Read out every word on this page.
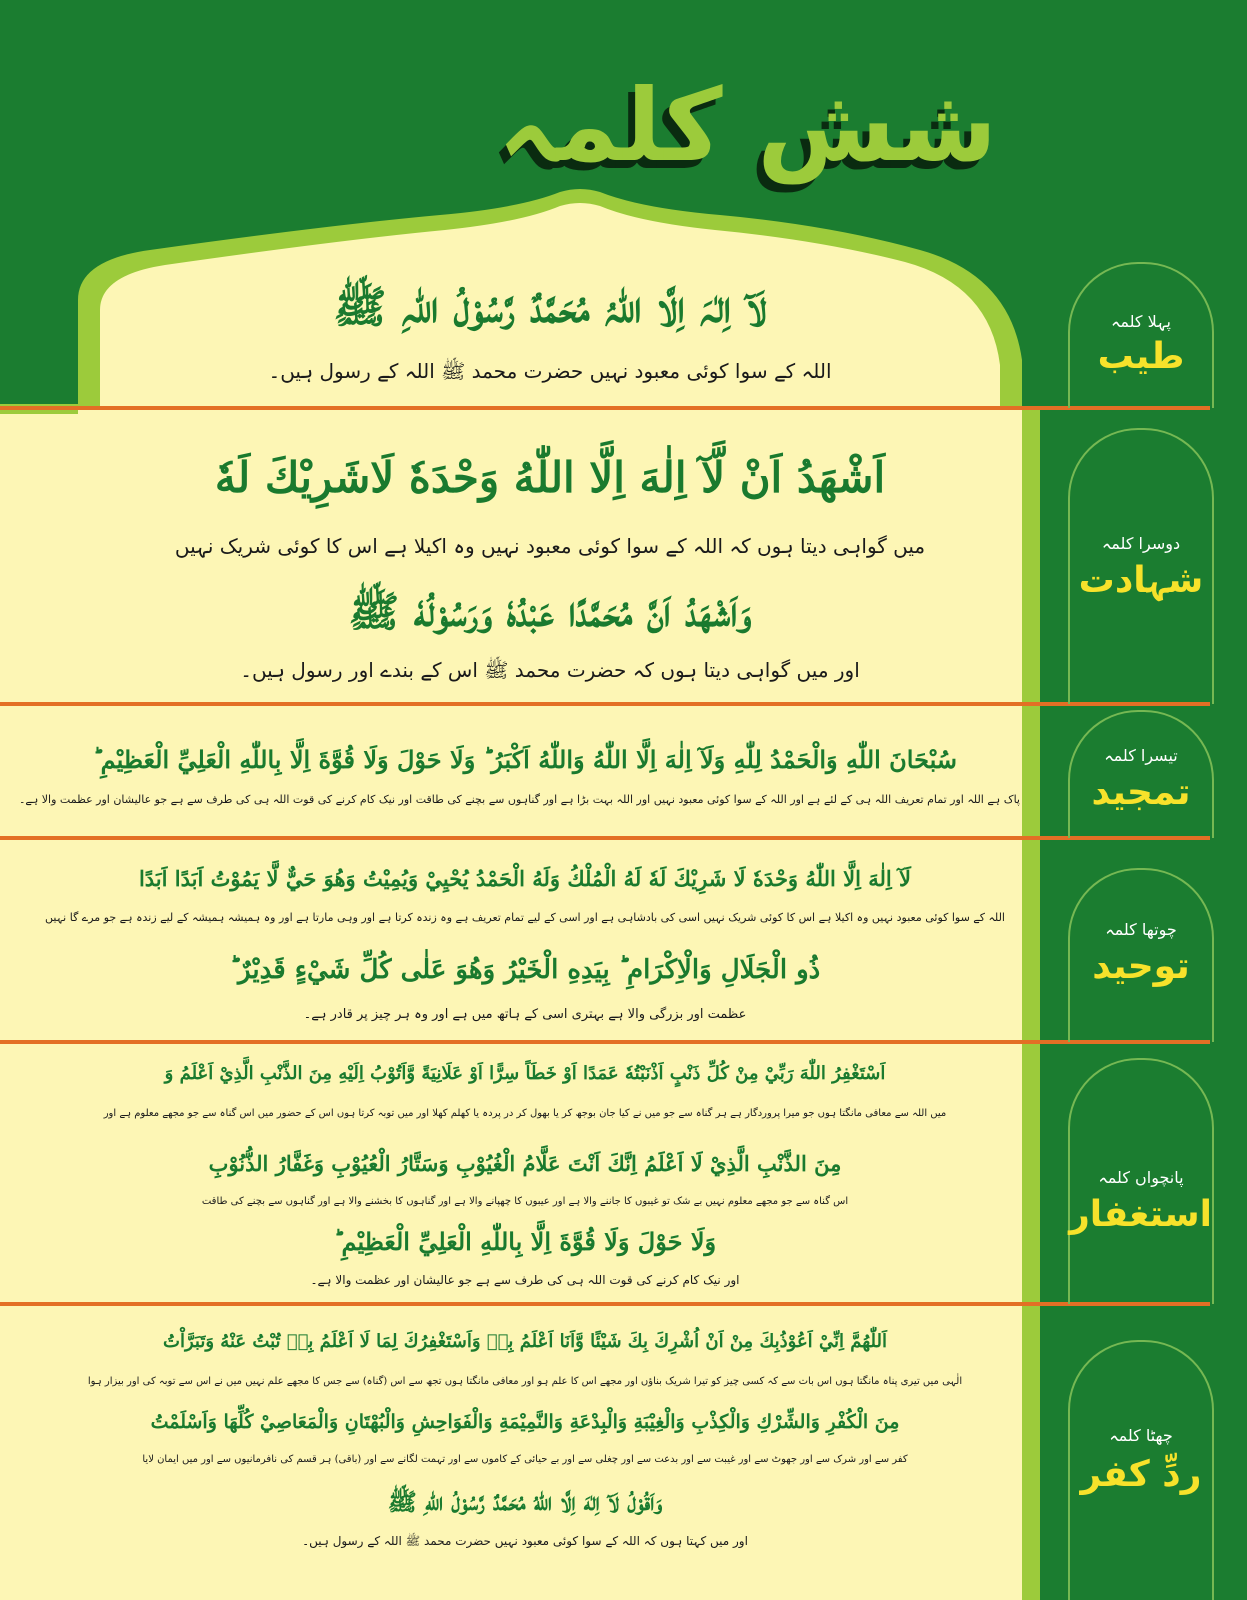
شش کلمہ
پہلا کلمہ
طیب
دوسرا کلمہ
شہادت
تیسرا کلمہ
تمجید
چوتھا کلمہ
توحید
پانچواں کلمہ
استغفار
چھٹا کلمہ
ردِّ کفر
لَآ اِلٰہَ اِلَّا اللّٰہُ مُحَمَّدٌ رَّسُوْلُ اللّٰہِ ﷺ
اللہ کے سوا کوئی معبود نہیں حضرت محمد ﷺ اللہ کے رسول ہیں۔
اَشْهَدُ اَنْ لَّآ اِلٰهَ اِلَّا اللّٰهُ وَحْدَهٗ لَاشَرِيْكَ لَهٗ
میں گواہی دیتا ہوں کہ اللہ کے سوا کوئی معبود نہیں وہ اکیلا ہے اس کا کوئی شریک نہیں
وَاَشْهَدُ اَنَّ مُحَمَّدًا عَبْدُهٗ وَرَسُوْلُهٗ ﷺ
اور میں گواہی دیتا ہوں کہ حضرت محمد ﷺ اس کے بندے اور رسول ہیں۔
سُبْحَانَ اللّٰهِ وَالْحَمْدُ لِلّٰهِ وَلَآ اِلٰهَ اِلَّا اللّٰهُ وَاللّٰهُ اَكْبَرُ ؕ وَلَا حَوْلَ وَلَا قُوَّةَ اِلَّا بِاللّٰهِ الْعَلِيِّ الْعَظِيْمِ ؕ
پاک ہے اللہ اور تمام تعریف اللہ ہی کے لئے ہے اور اللہ کے سوا کوئی معبود نہیں اور اللہ بہت بڑا ہے اور گناہوں سے بچنے کی طاقت اور نیک کام کرنے کی قوت اللہ ہی کی طرف سے ہے جو عالیشان اور عظمت والا ہے۔
لَآ اِلٰهَ اِلَّا اللّٰهُ وَحْدَهٗ لَا شَرِيْكَ لَهٗ لَهُ الْمُلْكُ وَلَهُ الْحَمْدُ يُحْيِيْ وَيُمِيْتُ وَهُوَ حَيٌّ لَّا يَمُوْتُ اَبَدًا اَبَدًا
اللہ کے سوا کوئی معبود نہیں وہ اکیلا ہے اس کا کوئی شریک نہیں اسی کی بادشاہی ہے اور اسی کے لیے تمام تعریف ہے وہ زندہ کرتا ہے اور وہی مارتا ہے اور وہ ہمیشہ ہمیشہ کے لیے زندہ ہے جو مرے گا نہیں
ذُو الْجَلَالِ وَالْاِكْرَامِ ؕ بِيَدِهِ الْخَيْرُ وَهُوَ عَلٰى كُلِّ شَيْءٍ قَدِيْرٌ ؕ
عظمت اور بزرگی والا ہے بہتری اسی کے ہاتھ میں ہے اور وہ ہر چیز پر قادر ہے۔
اَسْتَغْفِرُ اللّٰهَ رَبِّيْ مِنْ كُلِّ ذَنْبٍ اَذْنَبْتُهٗ عَمَدًا اَوْ خَطَاً سِرًّا اَوْ عَلَانِيَةً وَّاَتُوْبُ اِلَيْهِ مِنَ الذَّنْبِ الَّذِيْ اَعْلَمُ وَ
میں اللہ سے معافی مانگتا ہوں جو میرا پروردگار ہے ہر گناہ سے جو میں نے کیا جان بوجھ کر یا بھول کر در پردہ یا کھلم کھلا اور میں توبہ کرتا ہوں اس کے حضور میں اس گناہ سے جو مجھے معلوم ہے اور
مِنَ الذَّنْبِ الَّذِيْ لَا اَعْلَمُ اِنَّكَ اَنْتَ عَلَّامُ الْغُيُوْبِ وَسَتَّارُ الْعُيُوْبِ وَغَفَّارُ الذُّنُوْبِ
اس گناہ سے جو مجھے معلوم نہیں بے شک تو غیبوں کا جاننے والا ہے اور عیبوں کا چھپانے والا ہے اور گناہوں کا بخشنے والا ہے اور گناہوں سے بچنے کی طاقت
وَلَا حَوْلَ وَلَا قُوَّةَ اِلَّا بِاللّٰهِ الْعَلِيِّ الْعَظِيْمِ ؕ
اور نیک کام کرنے کی قوت اللہ ہی کی طرف سے ہے جو عالیشان اور عظمت والا ہے۔
اَللّٰهُمَّ اِنِّيْ اَعُوْذُبِكَ مِنْ اَنْ اُشْرِكَ بِكَ شَيْئًا وَّاَنَا اَعْلَمُ بِهٖ وَاَسْتَغْفِرُكَ لِمَا لَا اَعْلَمُ بِهٖ تُبْتُ عَنْهُ وَتَبَرَّاْتُ
الٰہی میں تیری پناہ مانگتا ہوں اس بات سے کہ کسی چیز کو تیرا شریک بناؤں اور مجھے اس کا علم ہو اور معافی مانگتا ہوں تجھ سے اس (گناہ) سے جس کا مجھے علم نہیں میں نے اس سے توبہ کی اور بیزار ہوا
مِنَ الْكُفْرِ وَالشِّرْكِ وَالْكِذْبِ وَالْغِيْبَةِ وَالْبِدْعَةِ وَالنَّمِيْمَةِ وَالْفَوَاحِشِ وَالْبُهْتَانِ وَالْمَعَاصِيْ كُلِّهَا وَاَسْلَمْتُ
کفر سے اور شرک سے اور جھوٹ سے اور غیبت سے اور بدعت سے اور چغلی سے اور بے حیائی کے کاموں سے اور تہمت لگانے سے اور (باقی) ہر قسم کی نافرمانیوں سے اور میں ایمان لایا
وَاَقُوْلُ لَآ اِلٰهَ اِلَّا اللّٰهُ مُحَمَّدٌ رَّسُوْلُ اللّٰهِ ﷺ
اور میں کہتا ہوں کہ اللہ کے سوا کوئی معبود نہیں حضرت محمد ﷺ اللہ کے رسول ہیں۔
